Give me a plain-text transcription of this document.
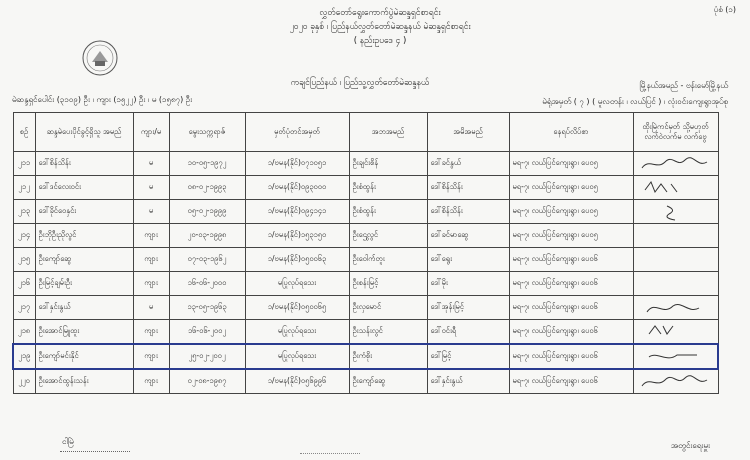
ပုံစံ (၁)
လွှတ်တော်ရွေးကောက်ပွဲမဲဆန္ဒရှင်စာရင်း
၂၀၂၀ ခုနှစ် ၊ ပြည်နယ်လွှတ်တော်မဲဆန္ဒနယ် မဲဆန္ဒရှင်စာရင်း
( နည်းဥပဒေ ၄ )
ကချင်ပြည်နယ် ၊ ပြည်သူ့လွှတ်တော်မဲဆန္ဒနယ်	မြို့နယ်အမည် - ဗန်းမော်မြို့နယ်
မဲဆန္ဒရှင်ပေါင်း (၃၁၀၉) ဦး ၊ ကျား (၁၅၂၂) ဦး ၊ မ (၁၅၈၇) ဦး	မဲရုံအမှတ် ( ၇ ) ( မူလတန်း ၊ လယ်ပြင် ) ၊ လုံးဝင်းကျေးရွာအုပ်စု
စဉ်	ဆန္ဒမဲပေးပိုင်ခွင့်ရှိသူ အမည်	ကျား/မ	မွေးသက္ကရာဇ်	မှတ်ပုံတင်အမှတ်	အဘအမည်	အမိအမည်	နေရပ်လိပ်စာ	ထိုးမြဲကင်မှတ် သို့မဟုတ် လက်ဝဲလက်မ လက်ဗွေ
၂၁၁	ဒေါ်စိန်သိန်း	မ	၁၀-၀၅-၁၉၇၂	၁/ဗမန(နိုင်)၀၇၁၀၅၁	ဦးချင်းစိန်	ဒေါ်ခင်နွယ်	မရ-၇၊ လယ်ပြင်ကျေးရွာ၊ ပေ၀၅	

၂၁၂	ဒေါ်ဒင်လေးဝင်း	မ	၀၈-၀၂-၁၉၉၃	၁/ဗမန(နိုင်)၀၉၃၀၀၀	ဦးစံထွန်း	ဒေါ်စိန်သိန်း	မရ-၇၊ လယ်ပြင်ကျေးရွာ၊ ပေ၀၅	

၂၁၃	ဒေါ်ခိုင်ဝေနှင်း	မ	၀၅-၀၂-၁၉၉၉	၁/ဗမန(နိုင်)၀၉၄၁၄၁	ဦးစံထွန်း	ဒေါ်စိန်သိန်း	မရ-၇၊ လယ်ပြင်ကျေးရွာ၊ ပေ၀၅	

၂၁၄	ဦးဘိုဦးညိုလွင်	ကျား	၂၀-၀၃-၁၉၉၈	၁/ဗမန(နိုင်)၁၅၃၁၅၀	ဦးဌွေလွင်	ဒေါ်ခင်မာဆွေ	မရ-၇၊ လယ်ပြင်ကျေးရွာ၊ ပေ၀၅	
၂၁၅	ဦးကျော်ဆွေ	ကျား	၀၇-၀၃-၁၉၆၂	၁/ဗမန(နိုင်)၀၅၀၀၆၃	ဦးဝေါက်တူး	ဒေါ်ရွေး	မရ-၇၊ လယ်ပြင်ကျေးရွာ၊ ပေ၀၆	
၂၁၆	ဦးမြင့်ချမ်းဦး	ကျား	၁၆-၀၆-၂၀၀၀	မပြုလုပ်ရသေး	ဦးစန်းမြင့်	ဒေါ်မိုး	မရ-၇၊ လယ်ပြင်ကျေးရွာ၊ ပေ၀၆	
၂၁၇	ဒေါ်နှင်းနွယ်	မ	၁၃-၀၅-၁၉၆၃	၁/ဗမန(နိုင်)၀၅၀၀၆၅	ဦးလှမောင်	ဒေါ်အုန်းမြင့်	မရ-၇၊ လယ်ပြင်ကျေးရွာ၊ ပေ၀၆	

၂၁၈	ဦးအောင်မြူထူး	ကျား	၁၆-၀၆-၂၀၀၂	မပြုလုပ်ရသေး	ဦးသန်းလွင်	ဒေါ်ဝင်းရီ	မရ-၇၊ လယ်ပြင်ကျေးရွာ၊ ပေ၀၆	

၂၁၉	ဦးကျော်မင်းနိုင်	ကျား	၂၅-၀၂-၂၀၀၂	မပြုလုပ်ရသေး	ဦးကံစိုး	ဒေါ်မြင့်	မရ-၇၊ လယ်ပြင်ကျေးရွာ၊ ပေ၀၆	

၂၂၀	ဦးအောင်ထွန်းသန်း	ကျား	၀၂-၀၈-၁၉၈၇	၁/ဗမန(နိုင်)၀၅၆၉၉၆	ဦးကျော်ဆွေ	ဒေါ်နှင်းနွယ်	မရ-၇၊ လယ်ပြင်ကျေးရွာ၊ ပေ၀၆	
ငါမြဲ	အတွင်းရေးမှူး
